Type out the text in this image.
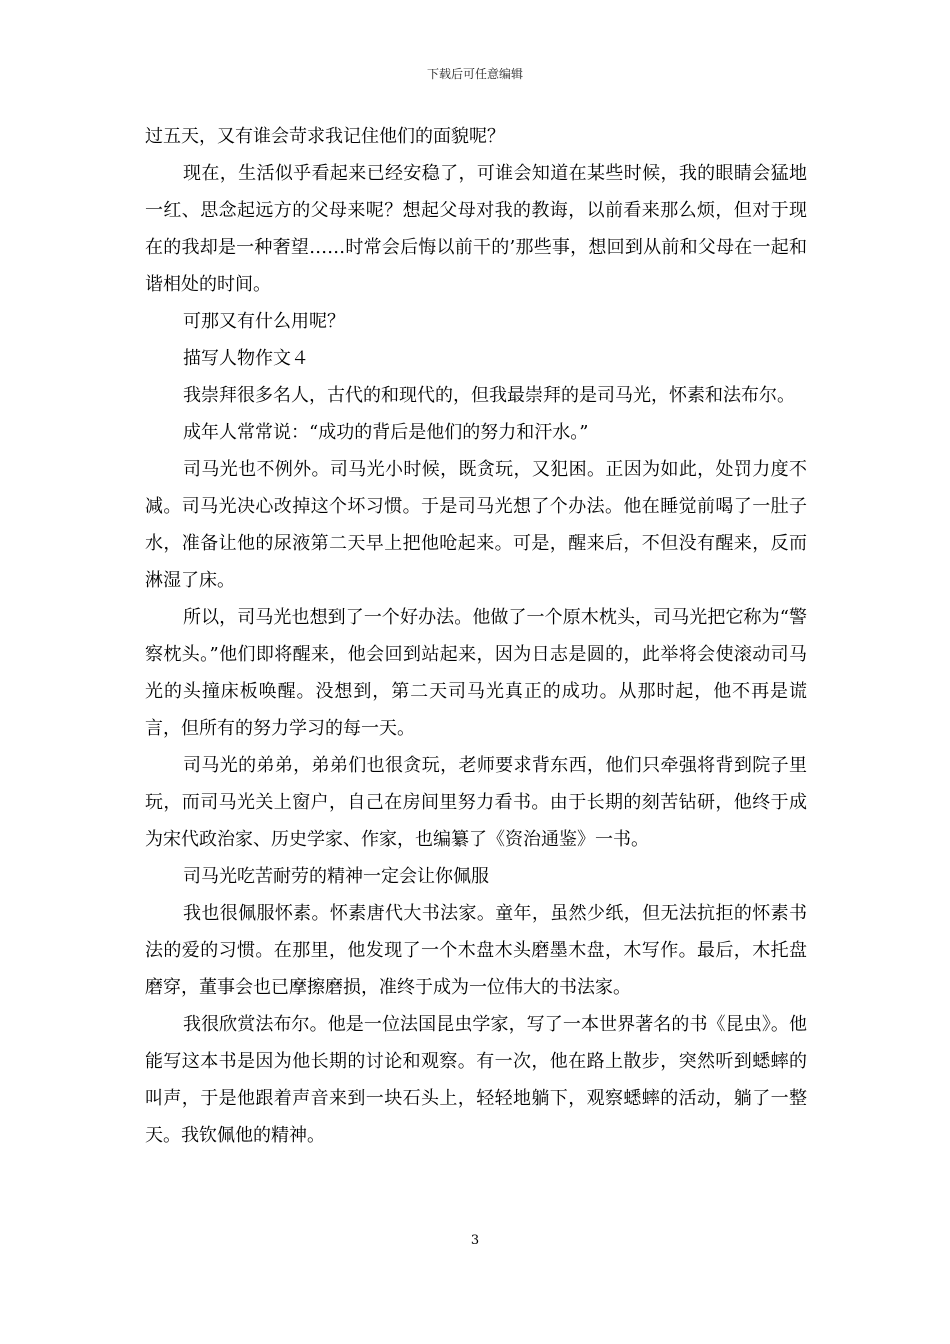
下载后可任意编辑

过五天，又有谁会苛求我记住他们的面貌呢？

现在，生活似乎看起来已经安稳了，可谁会知道在某些时候，我的眼睛会猛地一红、思念起远方的父母来呢？想起父母对我的教诲，以前看来那么烦，但对于现在的我却是一种奢望……时常会后悔以前干的’那些事，想回到从前和父母在一起和谐相处的时间。

可那又有什么用呢？

描写人物作文４

我崇拜很多名人，古代的和现代的，但我最崇拜的是司马光，怀素和法布尔。

成年人常常说：“成功的背后是他们的努力和汗水。”

司马光也不例外。司马光小时候，既贪玩，又犯困。正因为如此，处罚力度不减。司马光决心改掉这个坏习惯。于是司马光想了个办法。他在睡觉前喝了一肚子水，准备让他的尿液第二天早上把他呛起来。可是，醒来后，不但没有醒来，反而淋湿了床。

所以，司马光也想到了一个好办法。他做了一个原木枕头，司马光把它称为“警察枕头。”他们即将醒来，他会回到站起来，因为日志是圆的，此举将会使滚动司马光的头撞床板唤醒。没想到，第二天司马光真正的成功。从那时起，他不再是谎言，但所有的努力学习的每一天。

司马光的弟弟，弟弟们也很贪玩，老师要求背东西，他们只牵强将背到院子里玩，而司马光关上窗户，自己在房间里努力看书。由于长期的刻苦钻研，他终于成为宋代政治家、历史学家、作家，也编纂了《资治通鉴》一书。

司马光吃苦耐劳的精神一定会让你佩服

我也很佩服怀素。怀素唐代大书法家。童年，虽然少纸，但无法抗拒的怀素书法的爱的习惯。在那里，他发现了一个木盘木头磨墨木盘，木写作。最后，木托盘磨穿，董事会也已摩擦磨损，准终于成为一位伟大的书法家。

我很欣赏法布尔。他是一位法国昆虫学家，写了一本世界著名的书《昆虫》。他能写这本书是因为他长期的讨论和观察。有一次，他在路上散步，突然听到蟋蟀的叫声，于是他跟着声音来到一块石头上，轻轻地躺下，观察蟋蟀的活动，躺了一整天。我钦佩他的精神。

3
